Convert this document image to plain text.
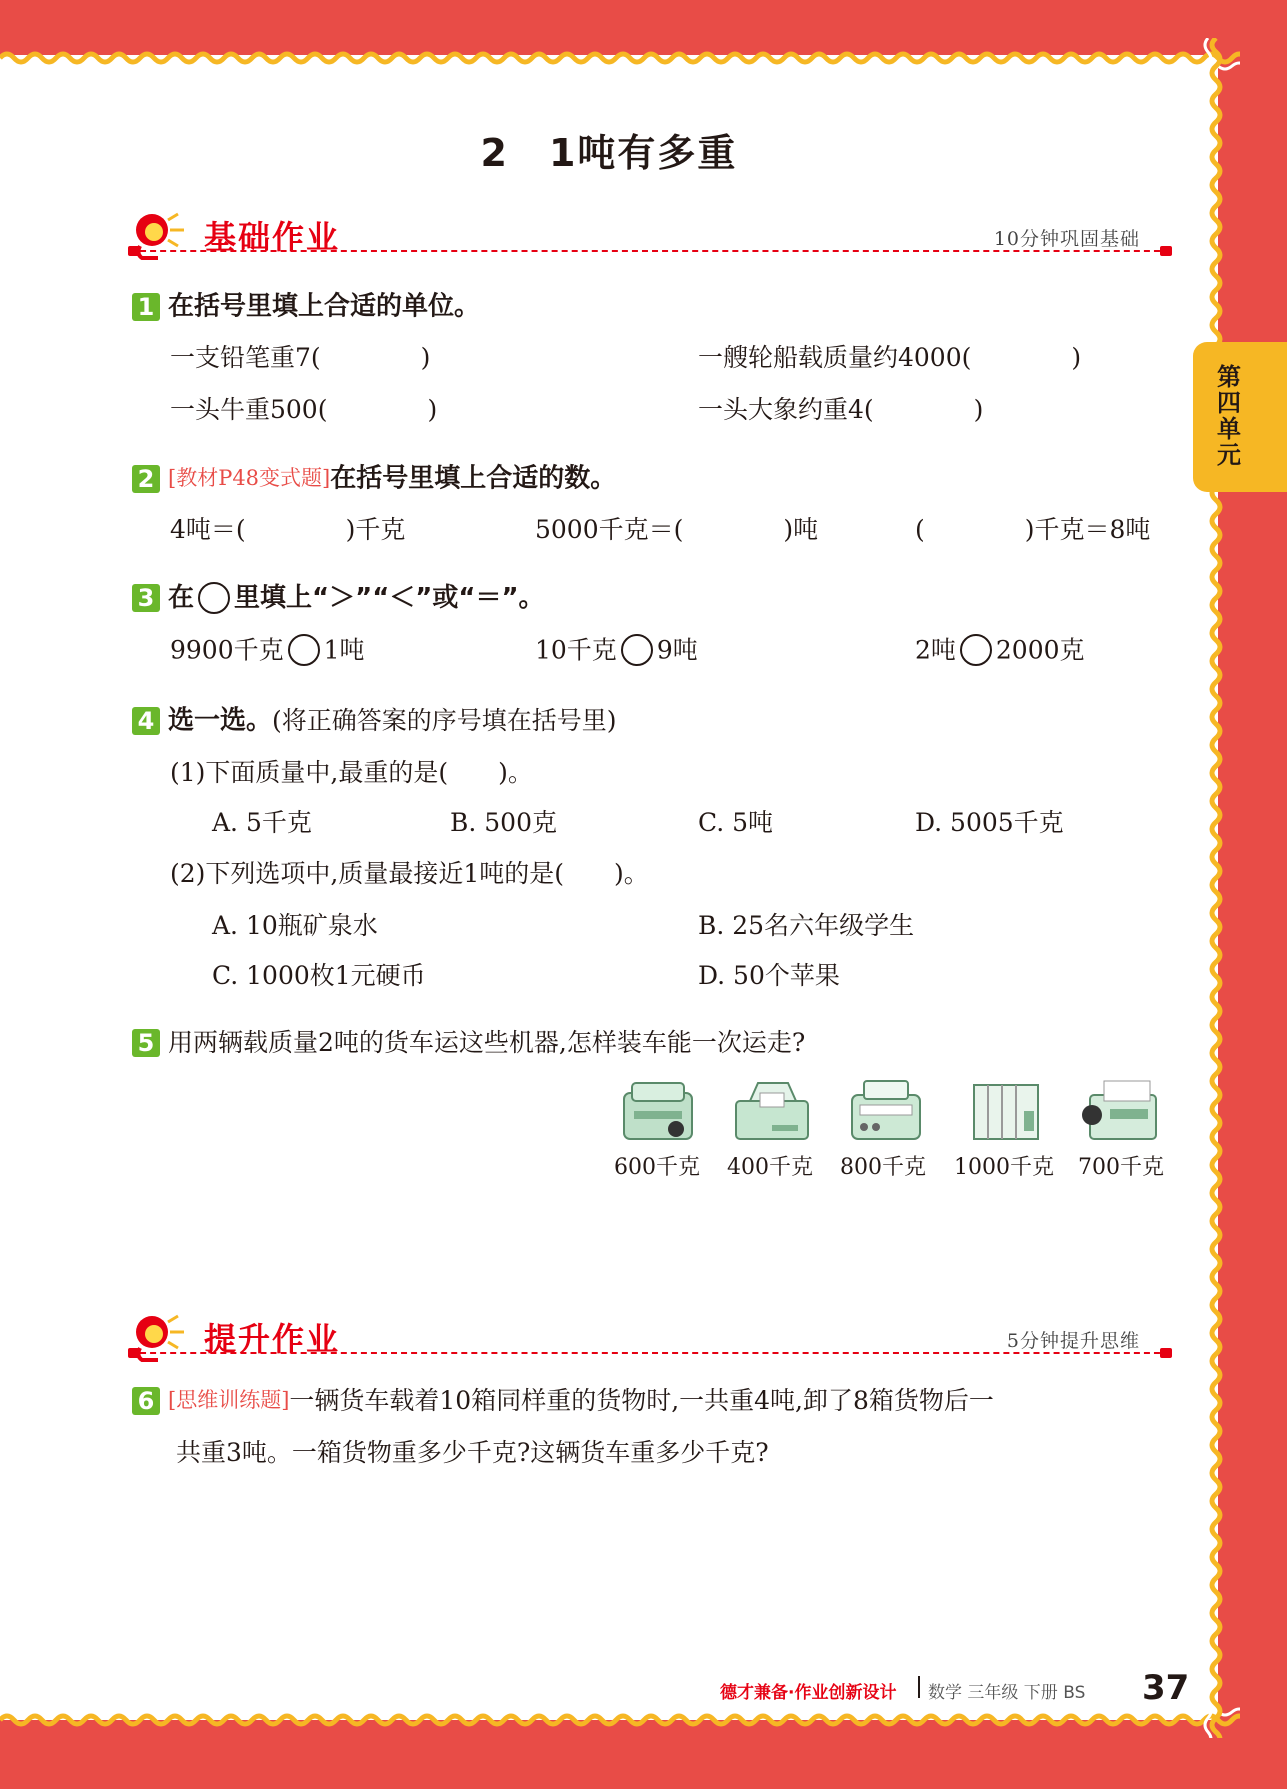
第四单元
2　1吨有多重
基础作业	10分钟巩固基础
1 在括号里填上合适的单位。
一支铅笔重7(　　　　)	一艘轮船载质量约4000(　　　　)
一头牛重500(　　　　)	一头大象约重4(　　　　)
2 [教材P48变式题]在括号里填上合适的数。
4吨＝(　　　　)千克	5000千克＝(　　　　)吨	(　　　　)千克＝8吨
3 在 里填上“＞”“＜”或“＝”。
9900千克 1吨	10千克 9吨	2吨 2000克
4 选一选。(将正确答案的序号填在括号里)
(1)下面质量中,最重的是(　　)。
A. 5千克	B. 500克	C. 5吨	D. 5005千克
(2)下列选项中,质量最接近1吨的是(　　)。
A. 10瓶矿泉水	B. 25名六年级学生
C. 1000枚1元硬币	D. 50个苹果
5 用两辆载质量2吨的货车运这些机器,怎样装车能一次运走?
600千克 400千克 800千克 1000千克 700千克
提升作业	5分钟提升思维
6 [思维训练题]一辆货车载着10箱同样重的货物时,一共重4吨,卸了8箱货物后一
共重3吨。一箱货物重多少千克?这辆货车重多少千克?
德才兼备·作业创新设计 数学 三年级 下册 BS 37
